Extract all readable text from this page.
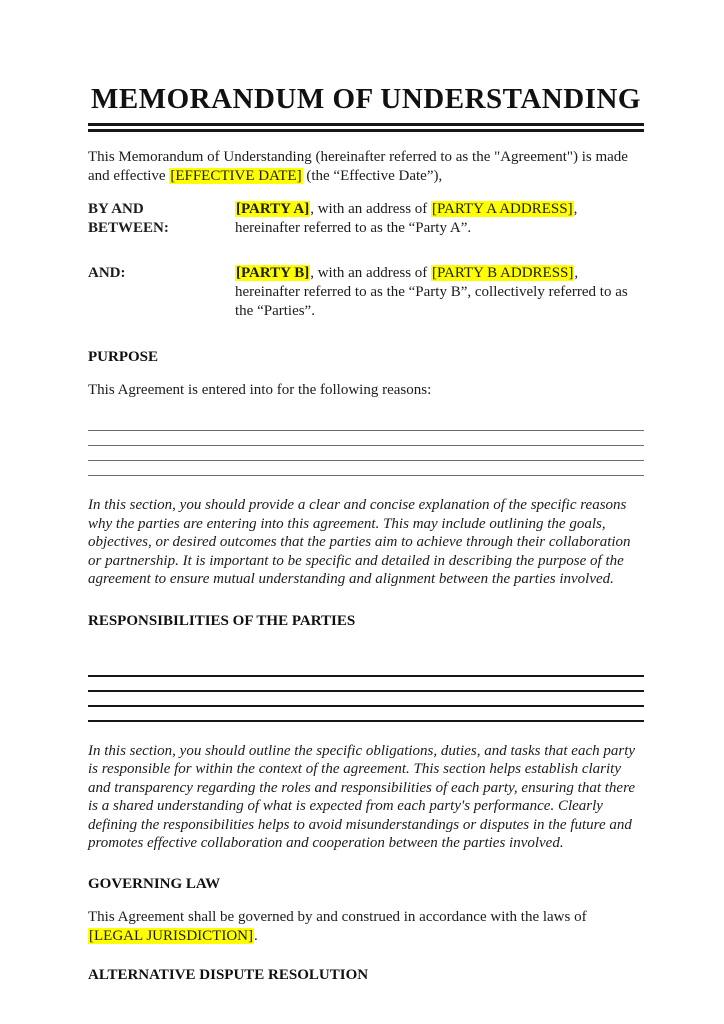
MEMORANDUM OF UNDERSTANDING

This Memorandum of Understanding (hereinafter referred to as the "Agreement") is made and effective [EFFECTIVE DATE] (the “Effective Date”),

BY AND BETWEEN:
[PARTY A], with an address of [PARTY A ADDRESS], hereinafter referred to as the “Party A”.
AND:	[PARTY B], with an address of [PARTY B ADDRESS], hereinafter referred to as the “Party B”, collectively referred to as the “Parties”.
PURPOSE

This Agreement is entered into for the following reasons:

In this section, you should provide a clear and concise explanation of the specific reasons why the parties are entering into this agreement. This may include outlining the goals, objectives, or desired outcomes that the parties aim to achieve through their collaboration or partnership. It is important to be specific and detailed in describing the purpose of the agreement to ensure mutual understanding and alignment between the parties involved.

RESPONSIBILITIES OF THE PARTIES

In this section, you should outline the specific obligations, duties, and tasks that each party is responsible for within the context of the agreement. This section helps establish clarity and transparency regarding the roles and responsibilities of each party, ensuring that there is a shared understanding of what is expected from each party's performance. Clearly defining the responsibilities helps to avoid misunderstandings or disputes in the future and promotes effective collaboration and cooperation between the parties involved.

GOVERNING LAW

This Agreement shall be governed by and construed in accordance with the laws of [LEGAL JURISDICTION].

ALTERNATIVE DISPUTE RESOLUTION
